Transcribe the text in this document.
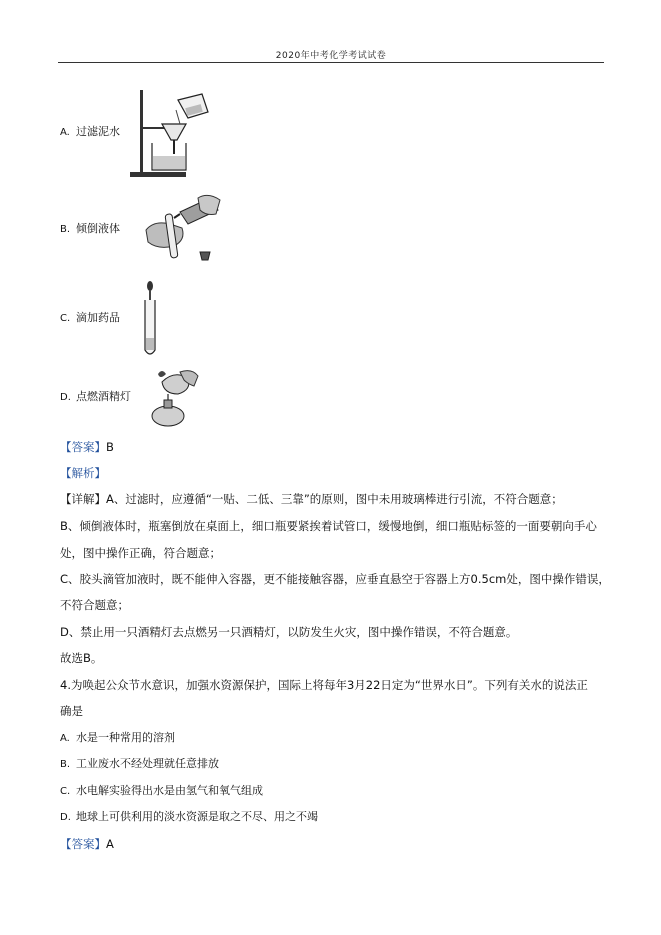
2020年中考化学考试试卷
A. 过滤泥水
B. 倾倒液体
C. 滴加药品
D. 点燃酒精灯
【答案】B
【解析】
【详解】A、过滤时，应遵循“一贴、二低、三靠”的原则，图中未用玻璃棒进行引流，不符合题意；
B、倾倒液体时，瓶塞倒放在桌面上，细口瓶要紧挨着试管口，缓慢地倒，细口瓶贴标签的一面要朝向手心
处，图中操作正确，符合题意；
C、胶头滴管加液时，既不能伸入容器，更不能接触容器，应垂直悬空于容器上方0.5cm处，图中操作错误，
不符合题意；
D、禁止用一只酒精灯去点燃另一只酒精灯，以防发生火灾，图中操作错误，不符合题意。
故选B。
4.为唤起公众节水意识，加强水资源保护，国际上将每年3月22日定为“世界水日”。下列有关水的说法正
确是
A. 水是一种常用的溶剂
B. 工业废水不经处理就任意排放
C. 水电解实验得出水是由氢气和氧气组成
D. 地球上可供利用的淡水资源是取之不尽、用之不竭
【答案】A
